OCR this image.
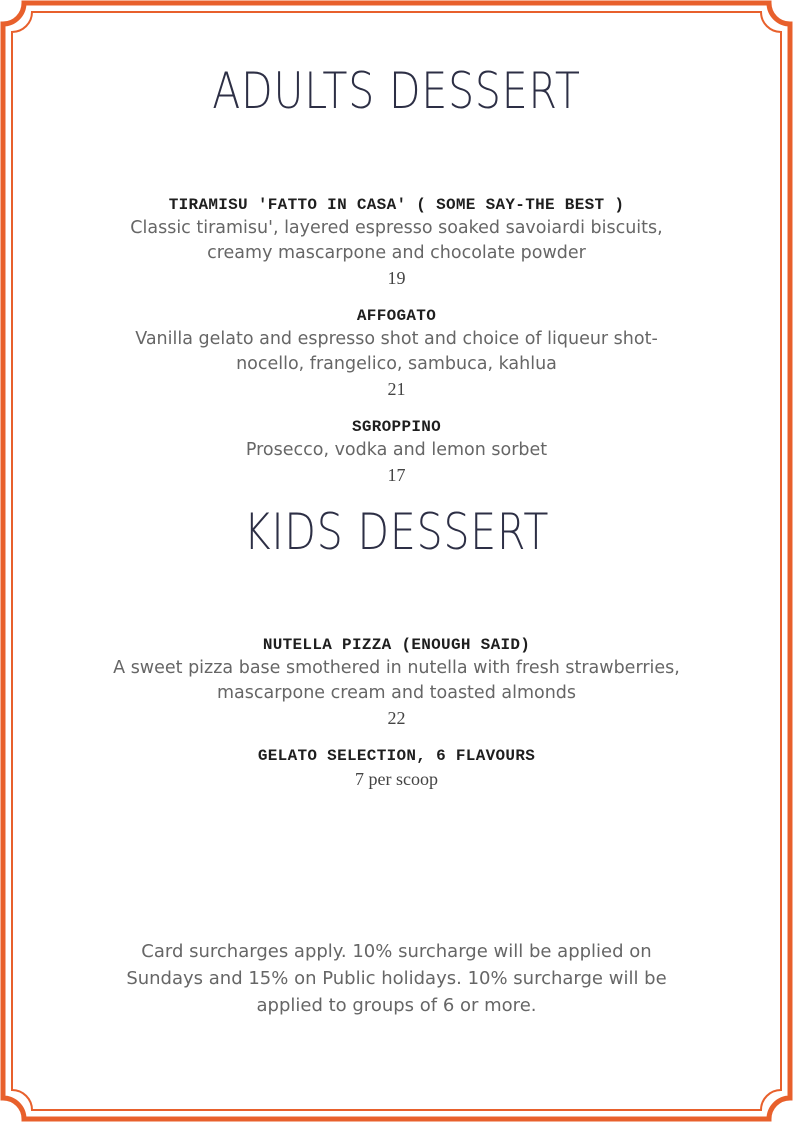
ADULTS DESSERT
TIRAMISU 'FATTO IN CASA' ( SOME SAY-THE BEST )
Classic tiramisu', layered espresso soaked savoiardi biscuits,
creamy mascarpone and chocolate powder
19
AFFOGATO
Vanilla gelato and espresso shot and choice of liqueur shot-
nocello, frangelico, sambuca, kahlua
21
SGROPPINO
Prosecco, vodka and lemon sorbet
17
KIDS DESSERT
NUTELLA PIZZA (ENOUGH SAID)
A sweet pizza base smothered in nutella with fresh strawberries,
mascarpone cream and toasted almonds
22
GELATO SELECTION, 6 FLAVOURS
7 per scoop
Card surcharges apply. 10% surcharge will be applied on
Sundays and 15% on Public holidays. 10% surcharge will be
applied to groups of 6 or more.
